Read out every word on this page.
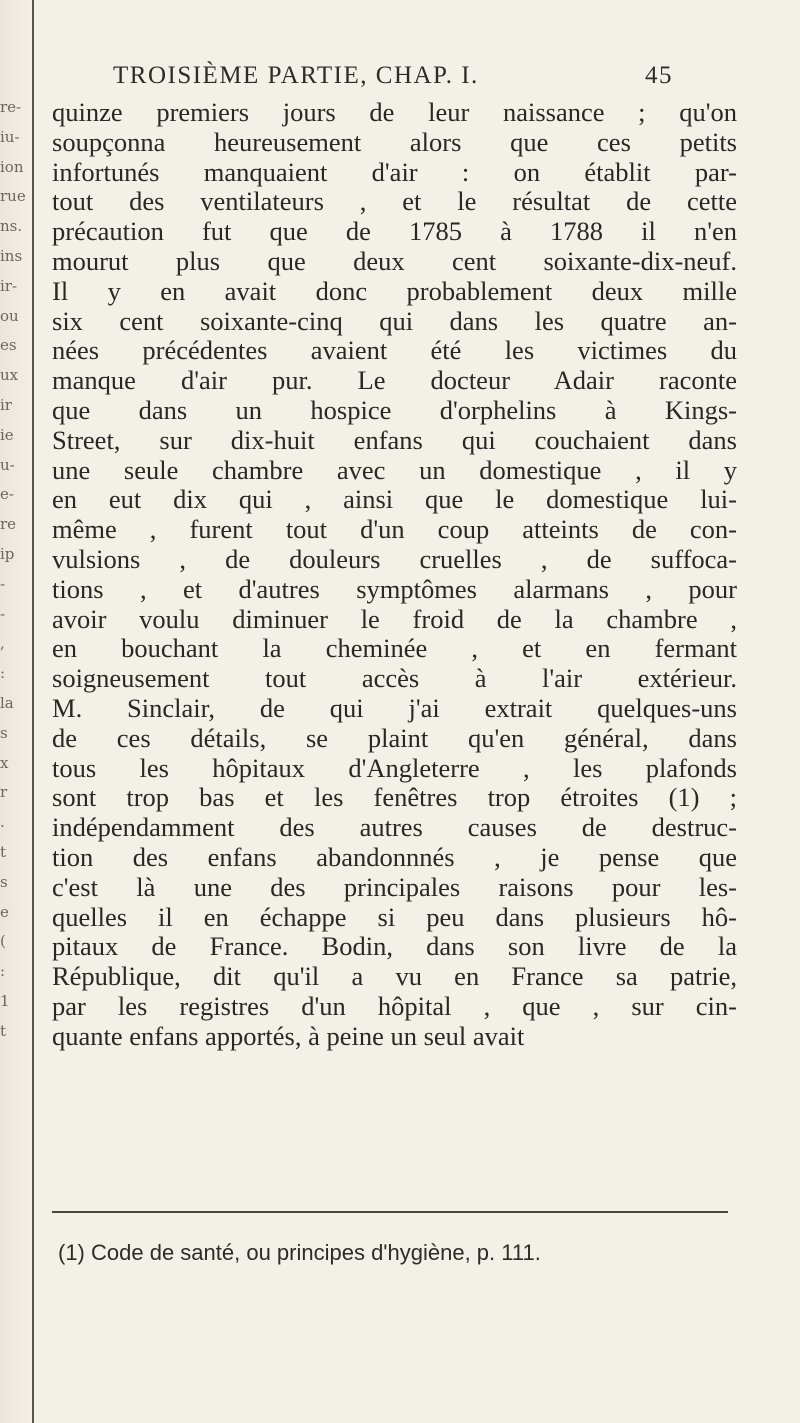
re-
iu-
ion
rue
ns.
ins
ir-
ou
es
ux
ir
ie
u-
e-
re
ip
-
-
,
:
la
s
x
r
.
t
s
e
(
:
1
t
TROISIÈME PARTIE, CHAP. I.	45
quinze premiers jours de leur naissance ; qu'on
soupçonna heureusement alors que ces petits
infortunés manquaient d'air : on établit par-
tout des ventilateurs , et le résultat de cette
précaution fut que de 1785 à 1788 il n'en
mourut plus que deux cent soixante-dix-neuf.
Il y en avait donc probablement deux mille
six cent soixante-cinq qui dans les quatre an-
nées précédentes avaient été les victimes du
manque d'air pur. Le docteur Adair raconte
que dans un hospice d'orphelins à Kings-
Street, sur dix-huit enfans qui couchaient dans
une seule chambre avec un domestique , il y
en eut dix qui , ainsi que le domestique lui-
même , furent tout d'un coup atteints de con-
vulsions , de douleurs cruelles , de suffoca-
tions , et d'autres symptômes alarmans , pour
avoir voulu diminuer le froid de la chambre ,
en bouchant la cheminée , et en fermant
soigneusement tout accès à l'air extérieur.
M. Sinclair, de qui j'ai extrait quelques-uns
de ces détails, se plaint qu'en général, dans
tous les hôpitaux d'Angleterre , les plafonds
sont trop bas et les fenêtres trop étroites (1) ;
indépendamment des autres causes de destruc-
tion des enfans abandonnnés , je pense que
c'est là une des principales raisons pour les-
quelles il en échappe si peu dans plusieurs hô-
pitaux de France. Bodin, dans son livre de la
République, dit qu'il a vu en France sa patrie,
par les registres d'un hôpital , que , sur cin-
quante enfans apportés, à peine un seul avait
(1) Code de santé, ou principes d'hygiène, p. 111.
